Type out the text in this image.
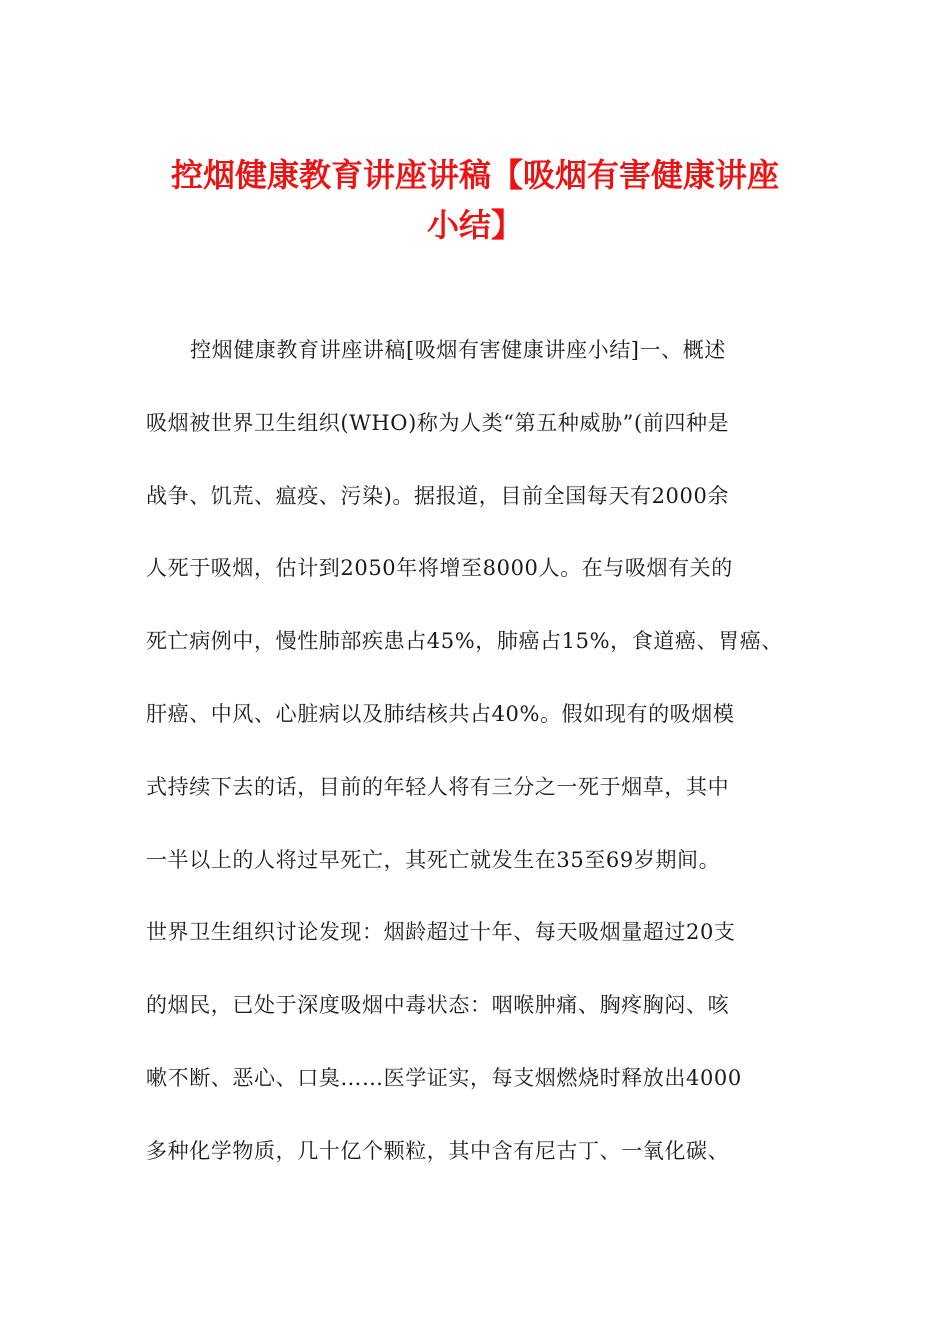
控烟健康教育讲座讲稿【吸烟有害健康讲座
小结】
控烟健康教育讲座讲稿[吸烟有害健康讲座小结]一、概述
吸烟被世界卫生组织(WHO)称为人类“第五种威胁”(前四种是
战争、饥荒、瘟疫、污染)。据报道，目前全国每天有2000余
人死于吸烟，估计到2050年将增至8000人。在与吸烟有关的
死亡病例中，慢性肺部疾患占45%，肺癌占15%，食道癌、胃癌、
肝癌、中风、心脏病以及肺结核共占40%。假如现有的吸烟模
式持续下去的话，目前的年轻人将有三分之一死于烟草，其中
一半以上的人将过早死亡，其死亡就发生在35至69岁期间。
世界卫生组织讨论发现：烟龄超过十年、每天吸烟量超过20支
的烟民，已处于深度吸烟中毒状态：咽喉肿痛、胸疼胸闷、咳
嗽不断、恶心、口臭……医学证实，每支烟燃烧时释放出4000
多种化学物质，几十亿个颗粒，其中含有尼古丁、一氧化碳、
